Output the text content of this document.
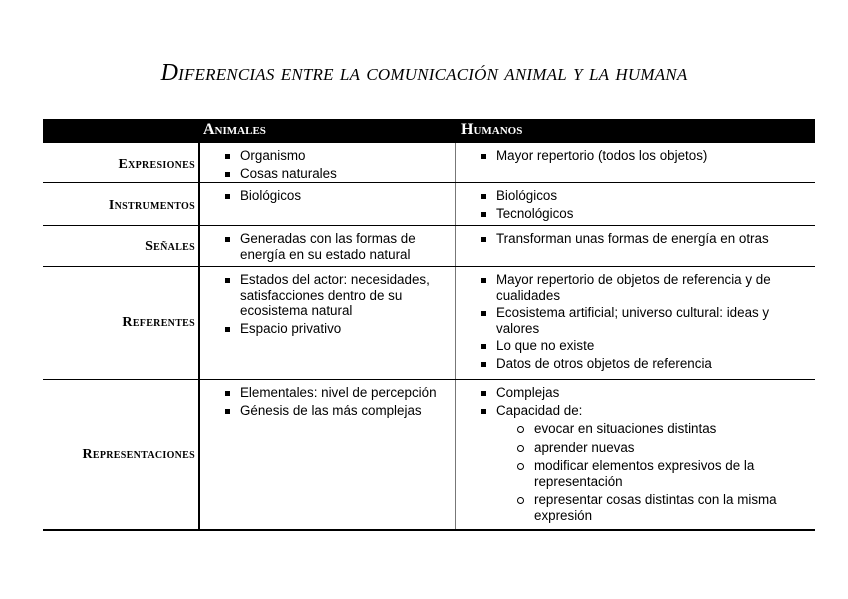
Diferencias entre la comunicación animal y la humana
Animales	Humanos
Expresiones
Organismo
Cosas naturales
Mayor repertorio (todos los objetos)
Instrumentos
Biológicos	Biológicos
Tecnológicos
Señales
Generadas con las formas de energía en su estado natural
Transforman unas formas de energía en otras
Referentes
Estados del actor: necesidades, satisfacciones dentro de su ecosistema natural
Espacio privativo
Mayor repertorio de objetos de referencia y de cualidades
Ecosistema artificial; universo cultural: ideas y valores
Lo que no existe
Datos de otros objetos de referencia
Representaciones
Elementales: nivel de percepción
Génesis de las más complejas
Complejas
Capacidad de:
evocar en situaciones distintas
aprender nuevas
modificar elementos expresivos de la representación
representar cosas distintas con la misma expresión
